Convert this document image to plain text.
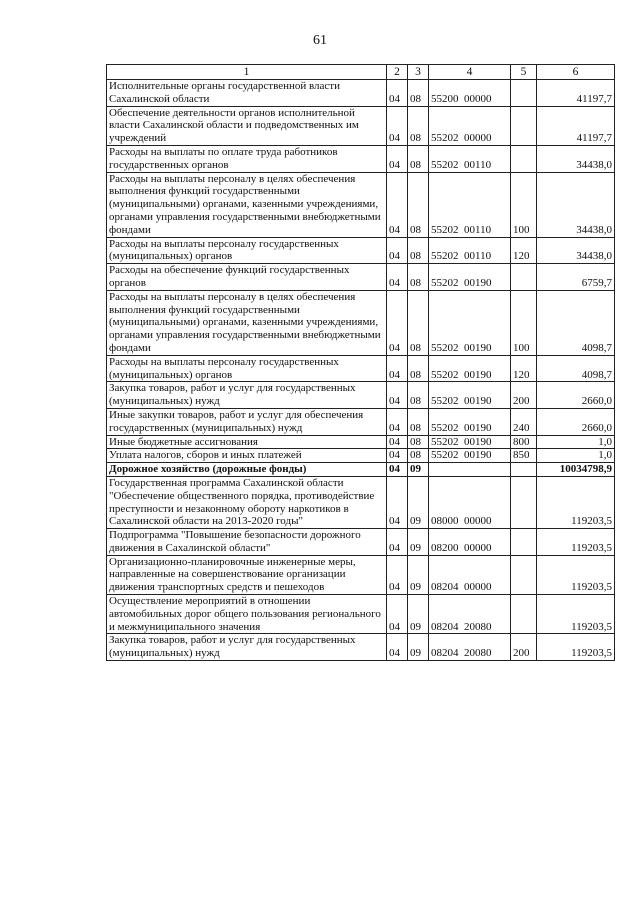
61
1	2	3	4	5	6
Исполнительные органы государственной власти Сахалинской области	04	08	55200  00000		41197,7
Обеспечение деятельности органов исполнительной власти Сахалинской области и подведомственных им учреждений	04	08	55202  00000		41197,7
Расходы на выплаты по оплате труда работников государственных органов	04	08	55202  00110		34438,0
Расходы на выплаты персоналу в целях обеспечения выполнения функций государственными (муниципальными) органами, казенными учреждениями, органами управления государственными внебюджетными фондами	04	08	55202  00110	100	34438,0
Расходы на выплаты персоналу государственных (муниципальных) органов	04	08	55202  00110	120	34438,0
Расходы на обеспечение функций государственных органов	04	08	55202  00190		6759,7
Расходы на выплаты персоналу в целях обеспечения выполнения функций государственными (муниципальными) органами, казенными учреждениями, органами управления государственными внебюджетными фондами	04	08	55202  00190	100	4098,7
Расходы на выплаты персоналу государственных (муниципальных) органов	04	08	55202  00190	120	4098,7
Закупка товаров, работ и услуг для государственных (муниципальных) нужд	04	08	55202  00190	200	2660,0
Иные закупки товаров, работ и услуг для обеспечения государственных (муниципальных) нужд	04	08	55202  00190	240	2660,0
Иные бюджетные ассигнования	04	08	55202  00190	800	1,0
Уплата налогов, сборов и иных платежей	04	08	55202  00190	850	1,0
Дорожное хозяйство (дорожные фонды)	04	09			10034798,9
Государственная программа Сахалинской области "Обеспечение общественного порядка, противодействие преступности и незаконному обороту наркотиков в Сахалинской области на 2013-2020 годы"	04	09	08000  00000		119203,5
Подпрограмма "Повышение безопасности дорожного движения в Сахалинской области"	04	09	08200  00000		119203,5
Организационно-планировочные инженерные меры, направленные на совершенствование организации движения транспортных средств и пешеходов	04	09	08204  00000		119203,5
Осуществление мероприятий в отношении автомобильных дорог общего пользования регионального и межмуниципального значения	04	09	08204  20080		119203,5
Закупка товаров, работ и услуг для государственных (муниципальных) нужд	04	09	08204  20080	200	119203,5
